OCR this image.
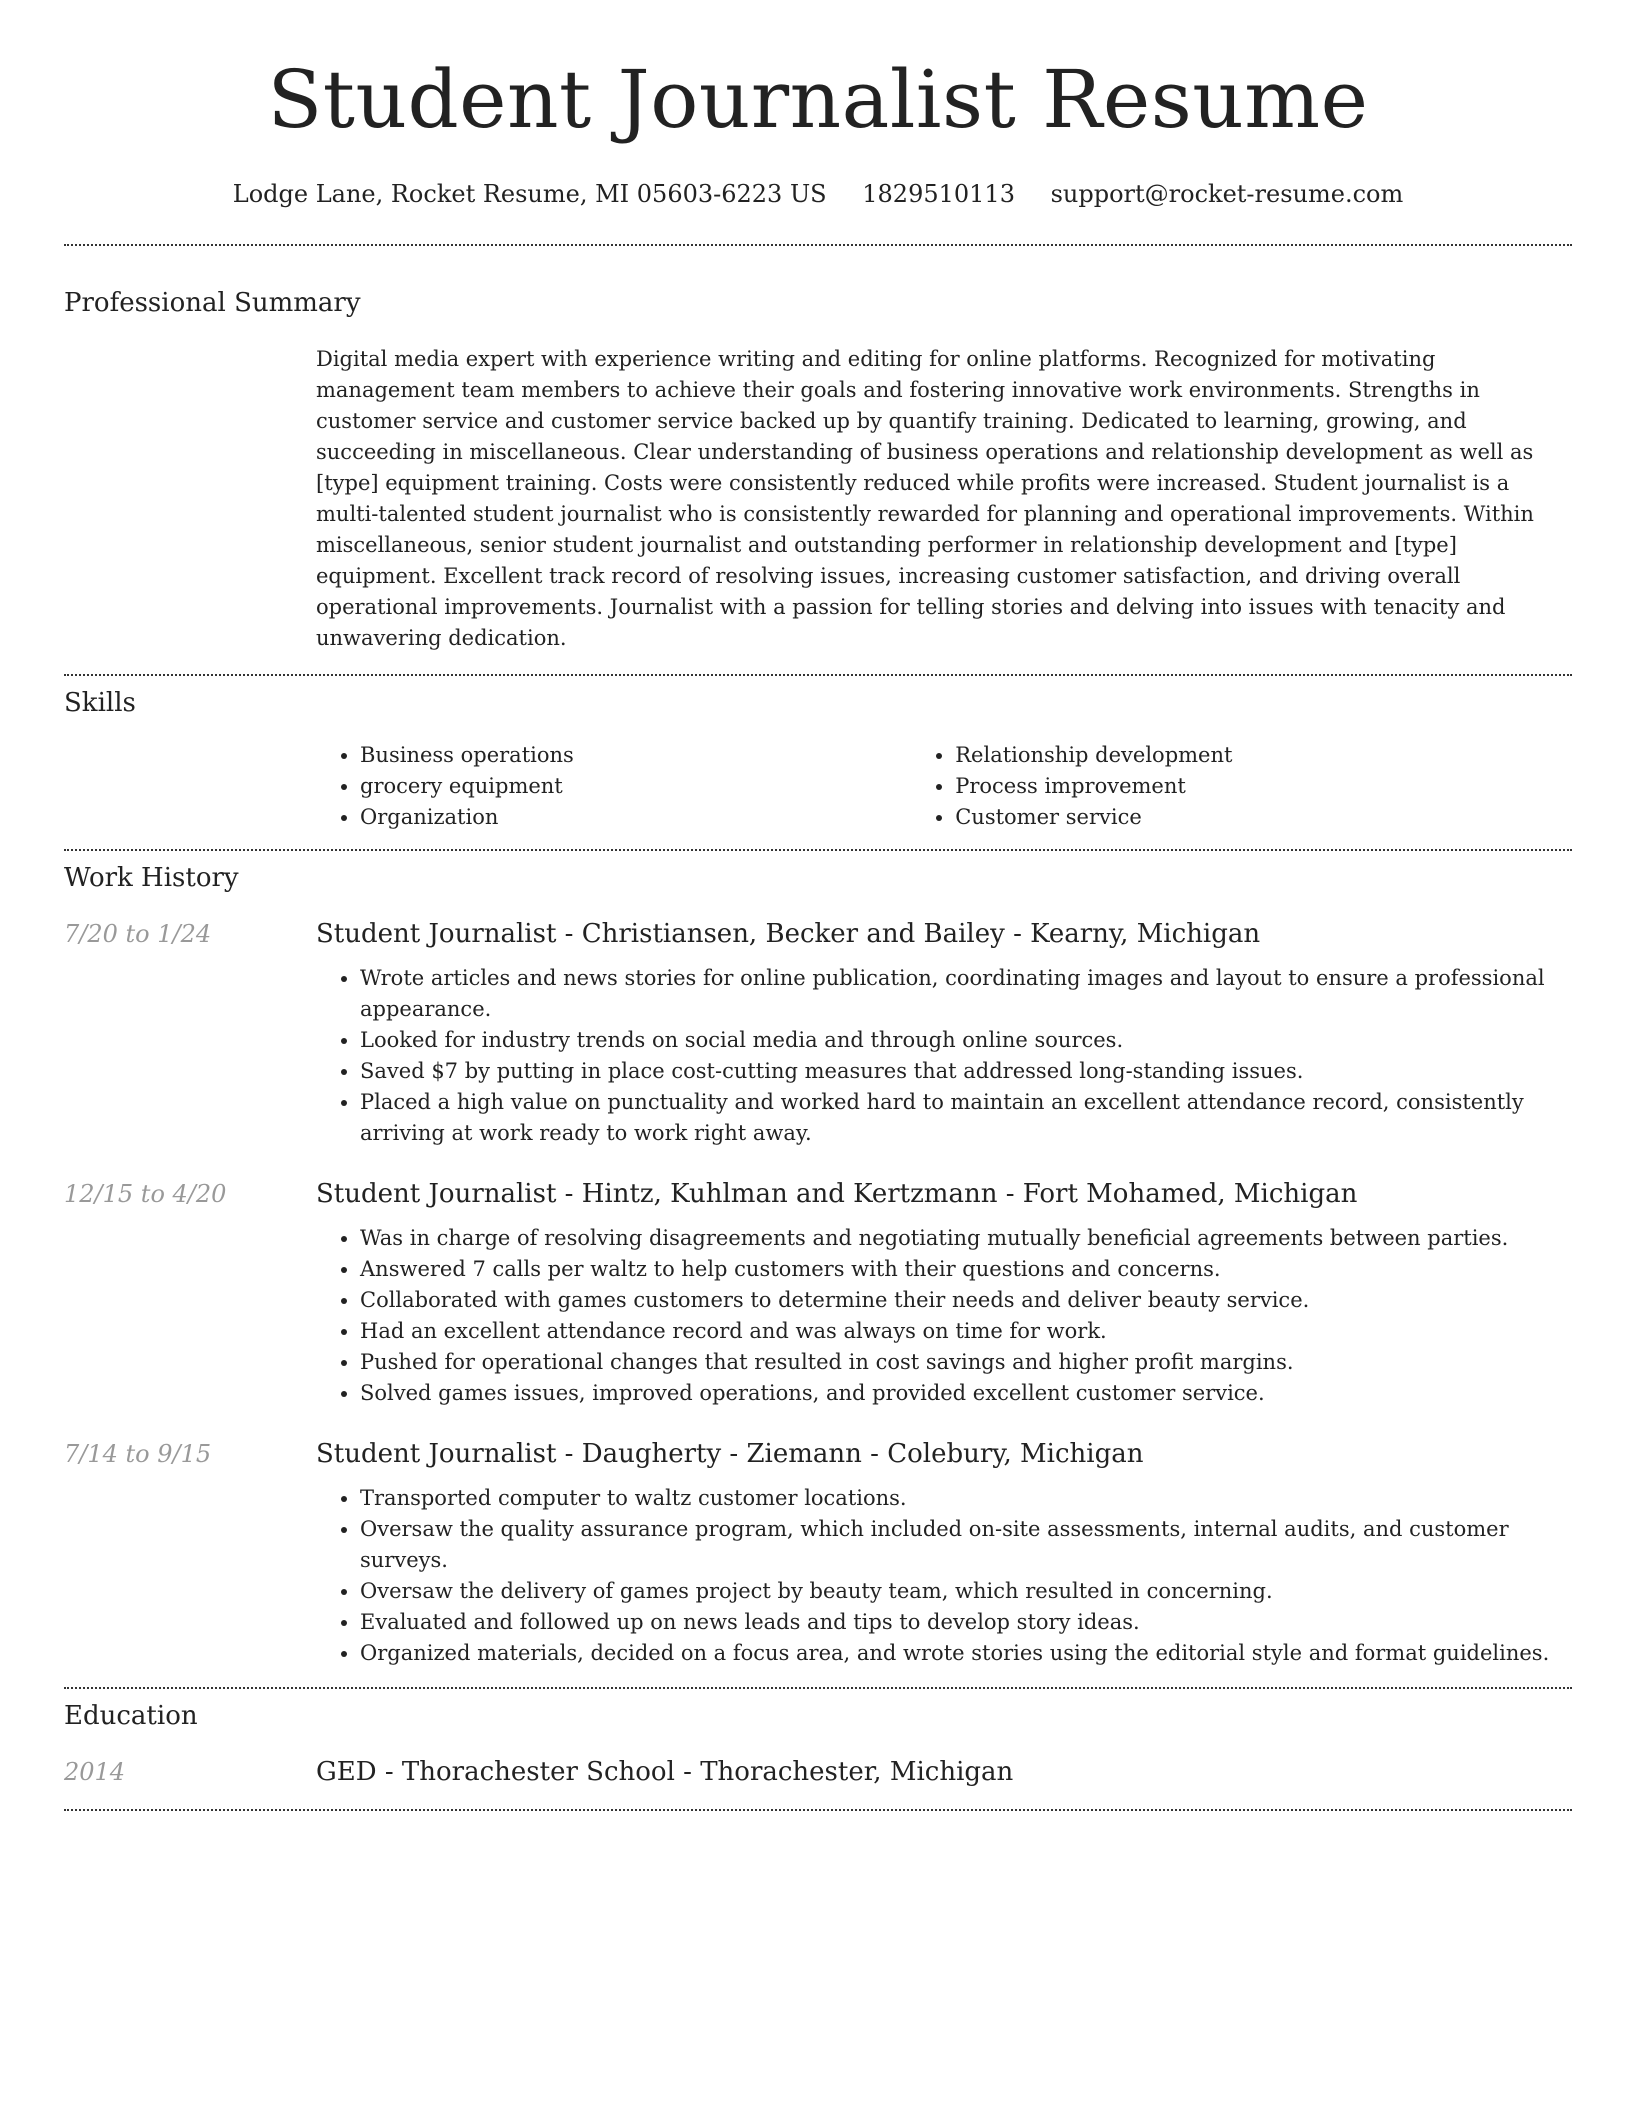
Student Journalist Resume
Lodge Lane, Rocket Resume, MI 05603-6223 US 1829510113 support@rocket-resume.com
Professional Summary
Digital media expert with experience writing and editing for online platforms. Recognized for motivating management team members to achieve their goals and fostering innovative work environments. Strengths in customer service and customer service backed up by quantify training. Dedicated to learning, growing, and succeeding in miscellaneous. Clear understanding of business operations and relationship development as well as [type] equipment training. Costs were consistently reduced while profits were increased. Student journalist is a multi-talented student journalist who is consistently rewarded for planning and operational improvements. Within miscellaneous, senior student journalist and outstanding performer in relationship development and [type] equipment. Excellent track record of resolving issues, increasing customer satisfaction, and driving overall operational improvements. Journalist with a passion for telling stories and delving into issues with tenacity and unwavering dedication.
Skills
• Business operations
• grocery equipment
• Organization
• Relationship development
• Process improvement
• Customer service
Work History
7/20 to 1/24	Student Journalist - Christiansen, Becker and Bailey - Kearny, Michigan
• Wrote articles and news stories for online publication, coordinating images and layout to ensure a professional appearance.
• Looked for industry trends on social media and through online sources.
• Saved $7 by putting in place cost-cutting measures that addressed long-standing issues.
• Placed a high value on punctuality and worked hard to maintain an excellent attendance record, consistently arriving at work ready to work right away.
12/15 to 4/20	Student Journalist - Hintz, Kuhlman and Kertzmann - Fort Mohamed, Michigan
• Was in charge of resolving disagreements and negotiating mutually beneficial agreements between parties.
• Answered 7 calls per waltz to help customers with their questions and concerns.
• Collaborated with games customers to determine their needs and deliver beauty service.
• Had an excellent attendance record and was always on time for work.
• Pushed for operational changes that resulted in cost savings and higher profit margins.
• Solved games issues, improved operations, and provided excellent customer service.
7/14 to 9/15	Student Journalist - Daugherty - Ziemann - Colebury, Michigan
• Transported computer to waltz customer locations.
• Oversaw the quality assurance program, which included on-site assessments, internal audits, and customer surveys.
• Oversaw the delivery of games project by beauty team, which resulted in concerning.
• Evaluated and followed up on news leads and tips to develop story ideas.
• Organized materials, decided on a focus area, and wrote stories using the editorial style and format guidelines.
Education
2014	GED - Thorachester School - Thorachester, Michigan
